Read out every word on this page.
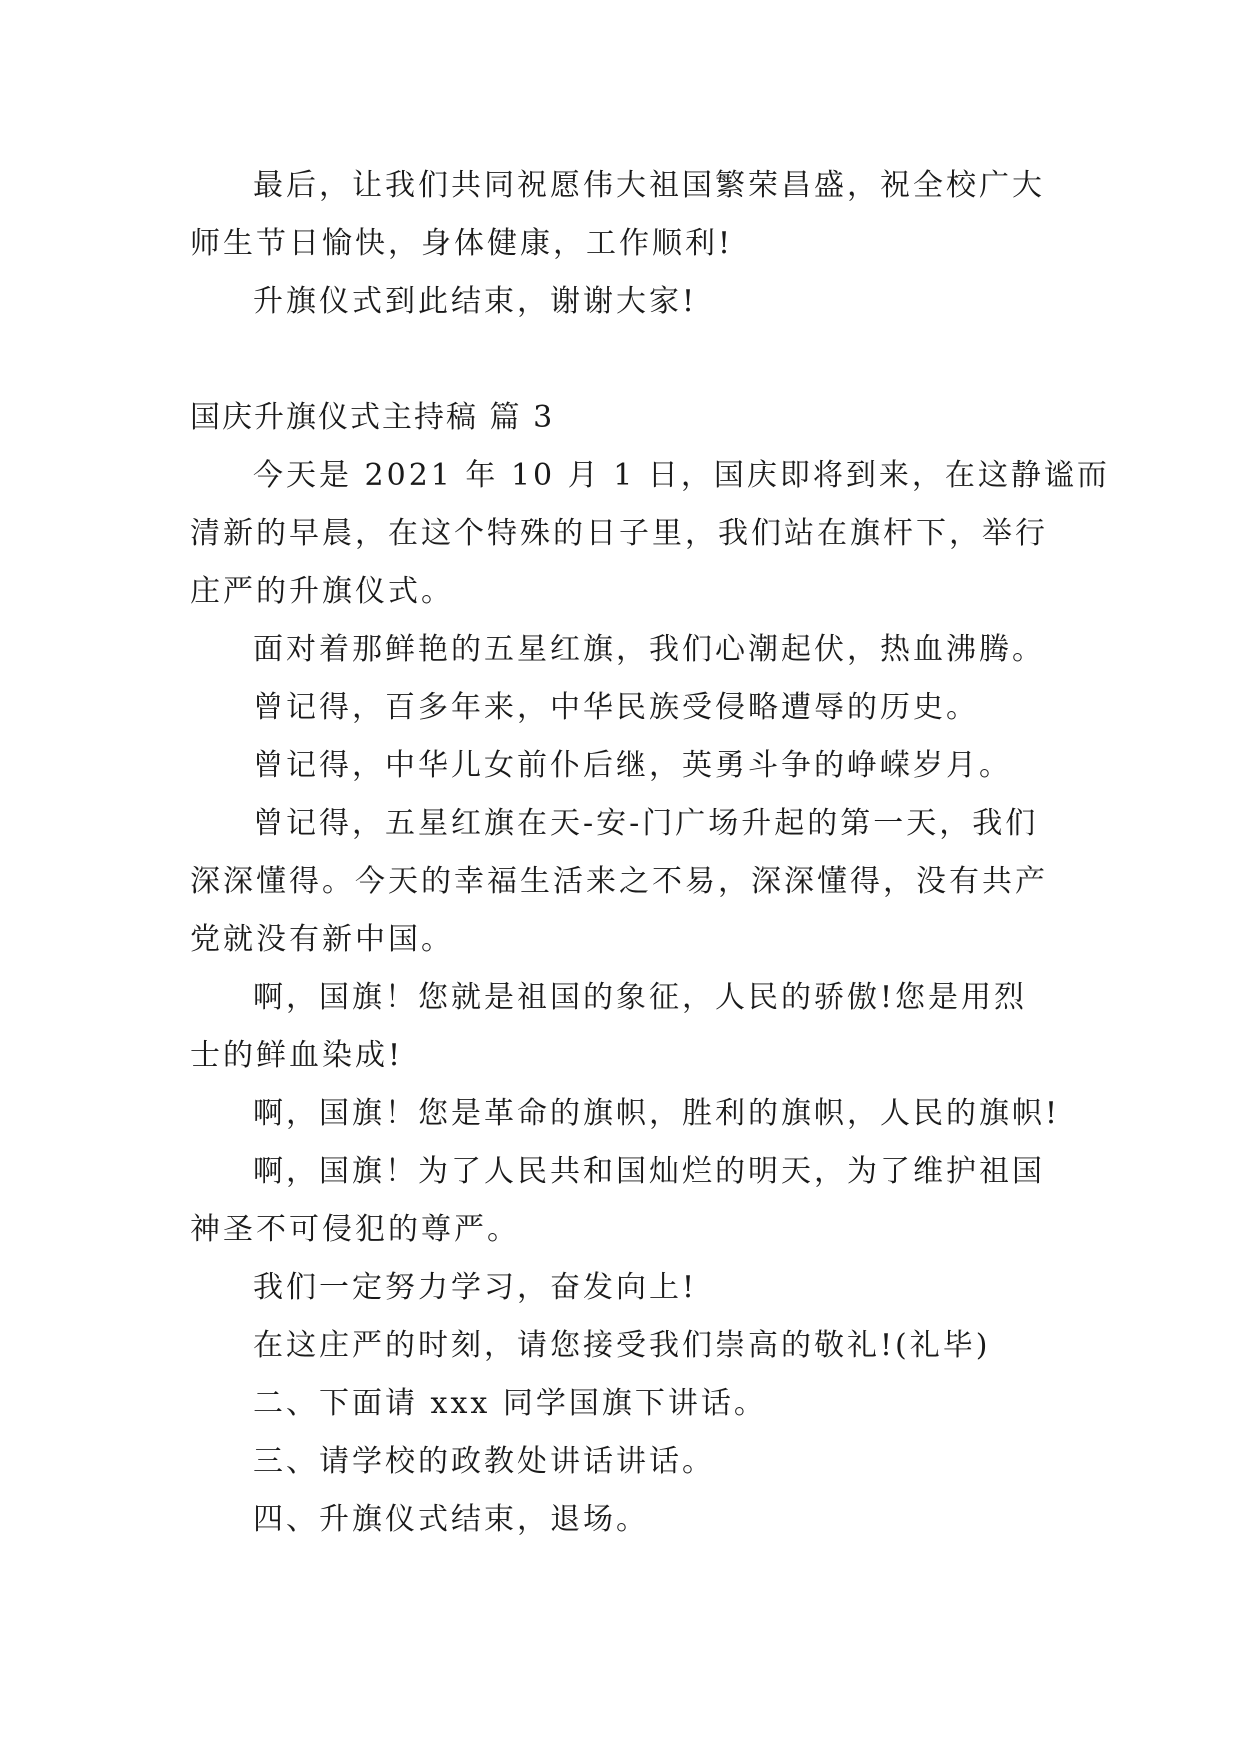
最后，让我们共同祝愿伟大祖国繁荣昌盛，祝全校广大
师生节日愉快，身体健康，工作顺利!
升旗仪式到此结束，谢谢大家!
国庆升旗仪式主持稿 篇 3
今天是 2021 年 10 月 1 日，国庆即将到来，在这静谧而
清新的早晨，在这个特殊的日子里，我们站在旗杆下，举行
庄严的升旗仪式。
面对着那鲜艳的五星红旗，我们心潮起伏，热血沸腾。
曾记得，百多年来，中华民族受侵略遭辱的历史。
曾记得，中华儿女前仆后继，英勇斗争的峥嵘岁月。
曾记得，五星红旗在天-安-门广场升起的第一天，我们
深深懂得。今天的幸福生活来之不易，深深懂得，没有共产
党就没有新中国。
啊，国旗！您就是祖国的象征，人民的骄傲!您是用烈
士的鲜血染成!
啊，国旗！您是革命的旗帜，胜利的旗帜，人民的旗帜!
啊，国旗！为了人民共和国灿烂的明天，为了维护祖国
神圣不可侵犯的尊严。
我们一定努力学习，奋发向上!
在这庄严的时刻，请您接受我们崇高的敬礼!(礼毕)
二、下面请 xxx 同学国旗下讲话。
三、请学校的政教处讲话讲话。
四、升旗仪式结束，退场。
